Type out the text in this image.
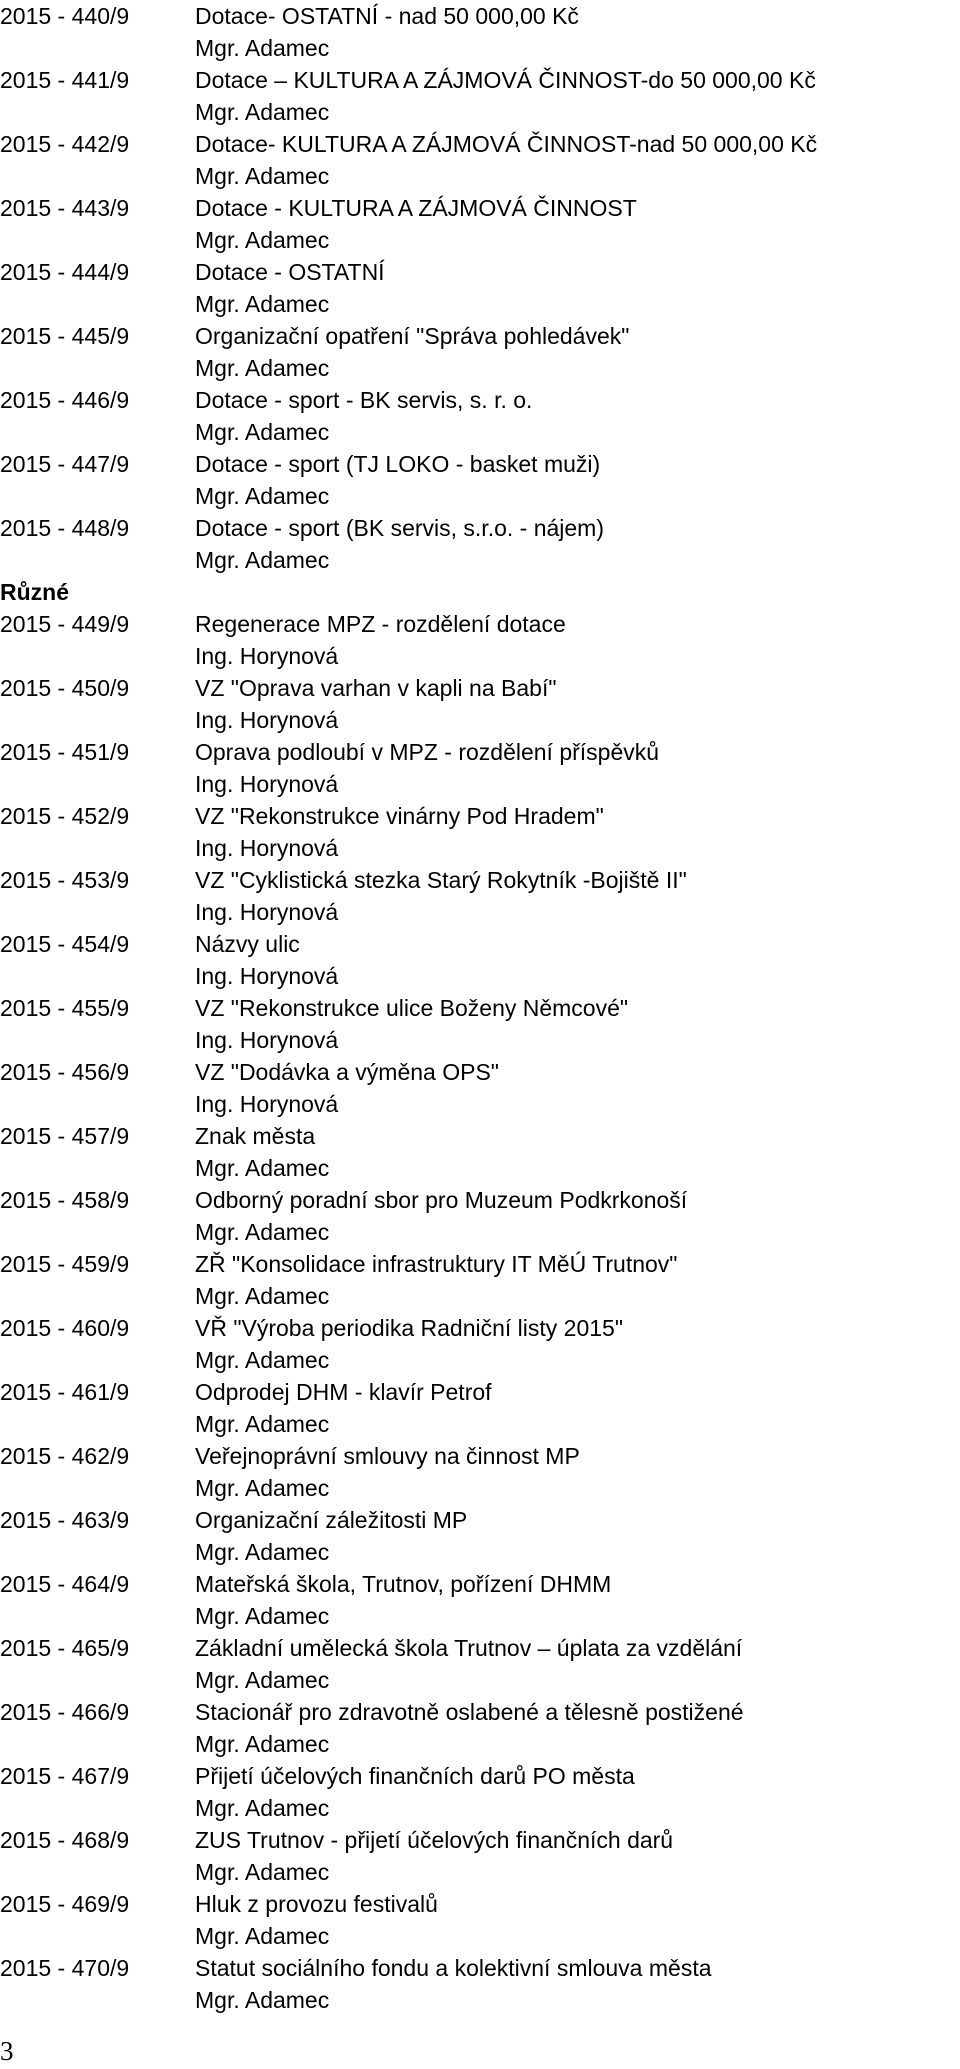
2015 - 440/9	Dotace- OSTATNÍ - nad 50 000,00 Kč
Mgr. Adamec
2015 - 441/9	Dotace – KULTURA A ZÁJMOVÁ ČINNOST-do 50 000,00 Kč
Mgr. Adamec
2015 - 442/9	Dotace- KULTURA A ZÁJMOVÁ ČINNOST-nad 50 000,00 Kč
Mgr. Adamec
2015 - 443/9	Dotace - KULTURA A ZÁJMOVÁ ČINNOST
Mgr. Adamec
2015 - 444/9	Dotace - OSTATNÍ
Mgr. Adamec
2015 - 445/9	Organizační opatření "Správa pohledávek"
Mgr. Adamec
2015 - 446/9	Dotace - sport - BK servis, s. r. o.
Mgr. Adamec
2015 - 447/9	Dotace - sport (TJ LOKO - basket muži)
Mgr. Adamec
2015 - 448/9	Dotace - sport (BK servis, s.r.o. - nájem)
Mgr. Adamec
Různé
2015 - 449/9	Regenerace MPZ - rozdělení dotace
Ing. Horynová
2015 - 450/9	VZ "Oprava varhan v kapli na Babí"
Ing. Horynová
2015 - 451/9	Oprava podloubí v MPZ - rozdělení příspěvků
Ing. Horynová
2015 - 452/9	VZ "Rekonstrukce vinárny Pod Hradem"
Ing. Horynová
2015 - 453/9	VZ "Cyklistická stezka Starý Rokytník -Bojiště II"
Ing. Horynová
2015 - 454/9	Názvy ulic
Ing. Horynová
2015 - 455/9	VZ "Rekonstrukce ulice Boženy Němcové"
Ing. Horynová
2015 - 456/9	VZ "Dodávka a výměna OPS"
Ing. Horynová
2015 - 457/9	Znak města
Mgr. Adamec
2015 - 458/9	Odborný poradní sbor pro Muzeum Podkrkonoší
Mgr. Adamec
2015 - 459/9	ZŘ "Konsolidace infrastruktury IT MěÚ Trutnov"
Mgr. Adamec
2015 - 460/9	VŘ "Výroba periodika Radniční listy 2015"
Mgr. Adamec
2015 - 461/9	Odprodej DHM - klavír Petrof
Mgr. Adamec
2015 - 462/9	Veřejnoprávní smlouvy na činnost MP
Mgr. Adamec
2015 - 463/9	Organizační záležitosti MP
Mgr. Adamec
2015 - 464/9	Mateřská škola, Trutnov, pořízení DHMM
Mgr. Adamec
2015 - 465/9	Základní umělecká škola Trutnov – úplata za vzdělání
Mgr. Adamec
2015 - 466/9	Stacionář pro zdravotně oslabené a tělesně postižené
Mgr. Adamec
2015 - 467/9	Přijetí účelových finančních darů PO města
Mgr. Adamec
2015 - 468/9	ZUS Trutnov - přijetí účelových finančních darů
Mgr. Adamec
2015 - 469/9	Hluk z provozu festivalů
Mgr. Adamec
2015 - 470/9	Statut sociálního fondu a kolektivní smlouva města
Mgr. Adamec
3
